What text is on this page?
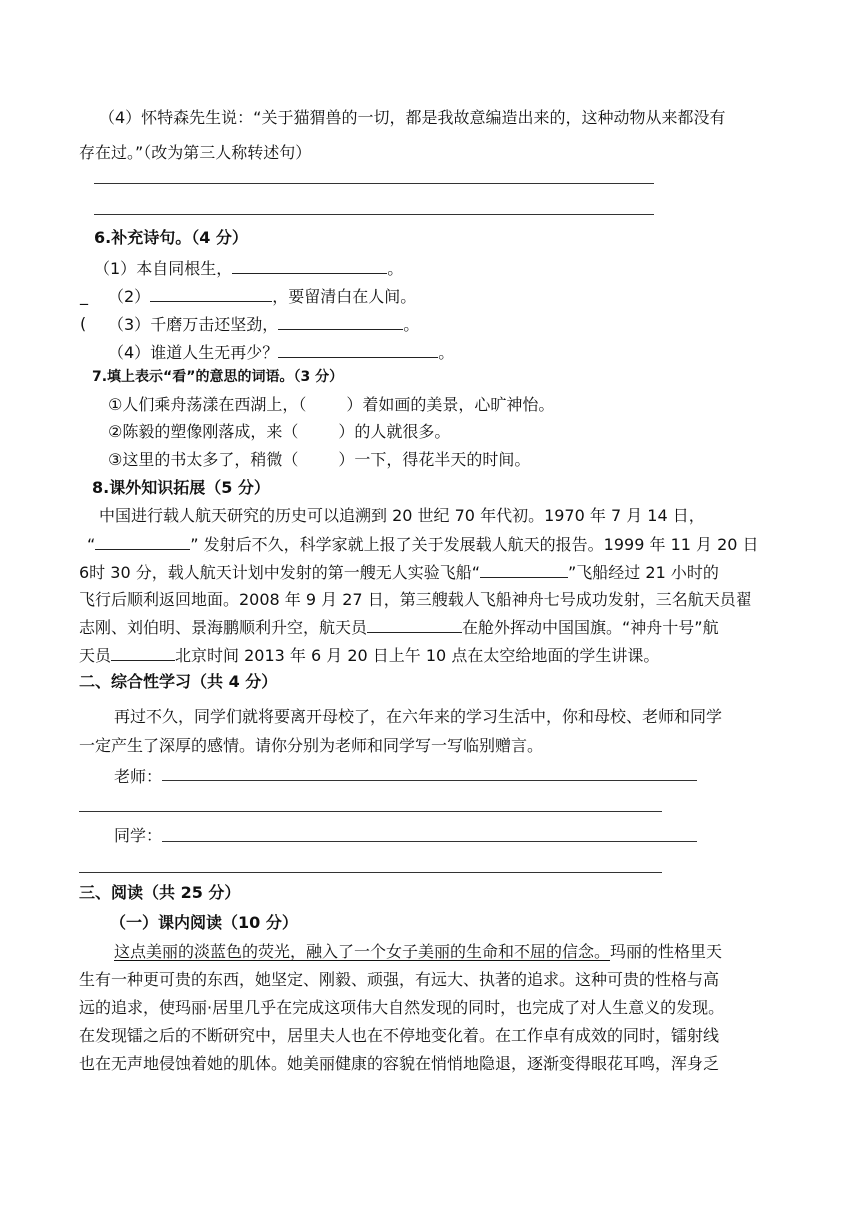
（4）怀特森先生说：“关于猫猬兽的一切，都是我故意编造出来的，这种动物从来都没有
存在过。”（改为第三人称转述句）
6.补充诗句。（4 分）
（1）本自同根生，	。
_ （2）	，要留清白在人间。
( （3）千磨万击还坚劲，	。
（4）谁道人生无再少？	。
7.填上表示“看”的意思的词语。（3 分）
①人们乘舟荡漾在西湖上，（	）着如画的美景，心旷神怡。
②陈毅的塑像刚落成，来（	）的人就很多。
③这里的书太多了，稍微（	）一下，得花半天的时间。
8.课外知识拓展（5 分）
中国进行载人航天研究的历史可以追溯到 20 世纪 70 年代初。1970 年 7 月 14 日，
“	” 发射后不久，科学家就上报了关于发展载人航天的报告。1999 年 11 月 20 日
6时 30 分，载人航天计划中发射的第一艘无人实验飞船“	”飞船经过 21 小时的
飞行后顺利返回地面。2008 年 9 月 27 日，第三艘载人飞船神舟七号成功发射，三名航天员翟
志刚、刘伯明、景海鹏顺利升空，航天员	在舱外挥动中国国旗。“神舟十号”航
天员	北京时间 2013 年 6 月 20 日上午 10 点在太空给地面的学生讲课。
二、综合性学习（共 4 分）
再过不久，同学们就将要离开母校了，在六年来的学习生活中，你和母校、老师和同学
一定产生了深厚的感情。请你分别为老师和同学写一写临别赠言。
老师：
同学：
三、阅读（共 25 分）
（一）课内阅读（10 分）
这点美丽的淡蓝色的荧光，融入了一个女子美丽的生命和不屈的信念。玛丽的性格里天
生有一种更可贵的东西，她坚定、刚毅、顽强，有远大、执著的追求。这种可贵的性格与高
远的追求，使玛丽·居里几乎在完成这项伟大自然发现的同时，也完成了对人生意义的发现。
在发现镭之后的不断研究中，居里夫人也在不停地变化着。在工作卓有成效的同时，镭射线
也在无声地侵蚀着她的肌体。她美丽健康的容貌在悄悄地隐退，逐渐变得眼花耳鸣，浑身乏
